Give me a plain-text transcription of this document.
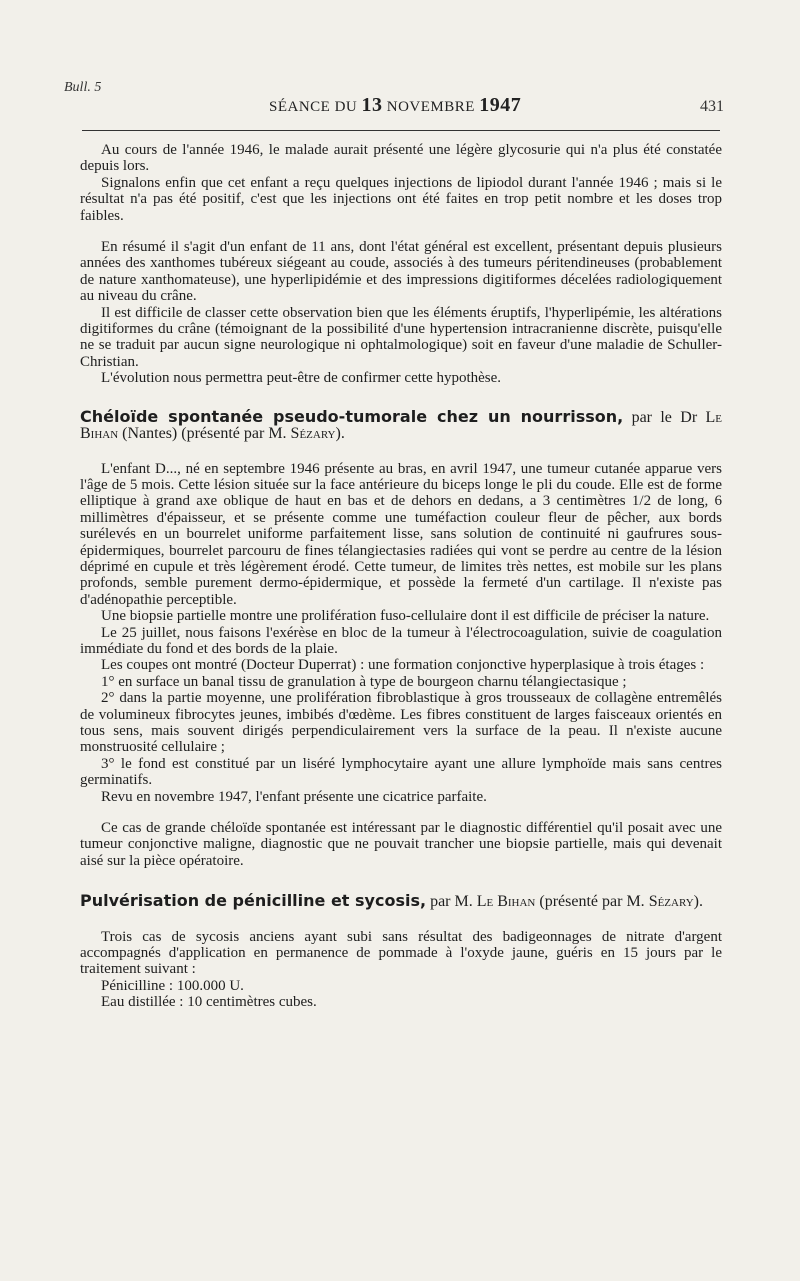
Bull. 5
SÉANCE DU 13 NOVEMBRE 1947	431

Au cours de l'année 1946, le malade aurait présenté une légère glycosurie qui n'a plus été constatée depuis lors.

Signalons enfin que cet enfant a reçu quelques injections de lipiodol durant l'année 1946 ; mais si le résultat n'a pas été positif, c'est que les injections ont été faites en trop petit nombre et les doses trop faibles.

En résumé il s'agit d'un enfant de 11 ans, dont l'état général est excellent, présentant depuis plusieurs années des xanthomes tubéreux siégeant au coude, associés à des tumeurs péritendineuses (probablement de nature xanthomateuse), une hyperlipidémie et des impressions digitiformes décelées radiologiquement au niveau du crâne.

Il est difficile de classer cette observation bien que les éléments éruptifs, l'hyperlipémie, les altérations digitiformes du crâne (témoignant de la possibilité d'une hypertension intracranienne discrète, puisqu'elle ne se traduit par aucun signe neurologique ni ophtalmologique) soit en faveur d'une maladie de Schuller-Christian.

L'évolution nous permettra peut-être de confirmer cette hypothèse.

Chéloïde spontanée pseudo-tumorale chez un nourrisson, par le Dr Le Bihan (Nantes) (présenté par M. Sézary).

L'enfant D..., né en septembre 1946 présente au bras, en avril 1947, une tumeur cutanée apparue vers l'âge de 5 mois. Cette lésion située sur la face antérieure du biceps longe le pli du coude. Elle est de forme elliptique à grand axe oblique de haut en bas et de dehors en dedans, a 3 centimètres 1/2 de long, 6 millimètres d'épaisseur, et se présente comme une tuméfaction couleur fleur de pêcher, aux bords surélevés en un bourrelet uniforme parfaitement lisse, sans solution de continuité ni gaufrures sous-épidermiques, bourrelet parcouru de fines télangiectasies radiées qui vont se perdre au centre de la lésion déprimé en cupule et très légèrement érodé. Cette tumeur, de limites très nettes, est mobile sur les plans profonds, semble purement dermo-épidermique, et possède la fermeté d'un cartilage. Il n'existe pas d'adénopathie perceptible.

Une biopsie partielle montre une prolifération fuso-cellulaire dont il est difficile de préciser la nature.

Le 25 juillet, nous faisons l'exérèse en bloc de la tumeur à l'électrocoagulation, suivie de coagulation immédiate du fond et des bords de la plaie.

Les coupes ont montré (Docteur Duperrat) : une formation conjonctive hyperplasique à trois étages :

1° en surface un banal tissu de granulation à type de bourgeon charnu télangiectasique ;

2° dans la partie moyenne, une prolifération fibroblastique à gros trousseaux de collagène entremêlés de volumineux fibrocytes jeunes, imbibés d'œdème. Les fibres constituent de larges faisceaux orientés en tous sens, mais souvent dirigés perpendiculairement vers la surface de la peau. Il n'existe aucune monstruosité cellulaire ;

3° le fond est constitué par un liséré lymphocytaire ayant une allure lymphoïde mais sans centres germinatifs.

Revu en novembre 1947, l'enfant présente une cicatrice parfaite.

Ce cas de grande chéloïde spontanée est intéressant par le diagnostic différentiel qu'il posait avec une tumeur conjonctive maligne, diagnostic que ne pouvait trancher une biopsie partielle, mais qui devenait aisé sur la pièce opératoire.

Pulvérisation de pénicilline et sycosis, par M. Le Bihan (présenté par M. Sézary).

Trois cas de sycosis anciens ayant subi sans résultat des badigeonnages de nitrate d'argent accompagnés d'application en permanence de pommade à l'oxyde jaune, guéris en 15 jours par le traitement suivant :

Pénicilline : 100.000 U.

Eau distillée : 10 centimètres cubes.
